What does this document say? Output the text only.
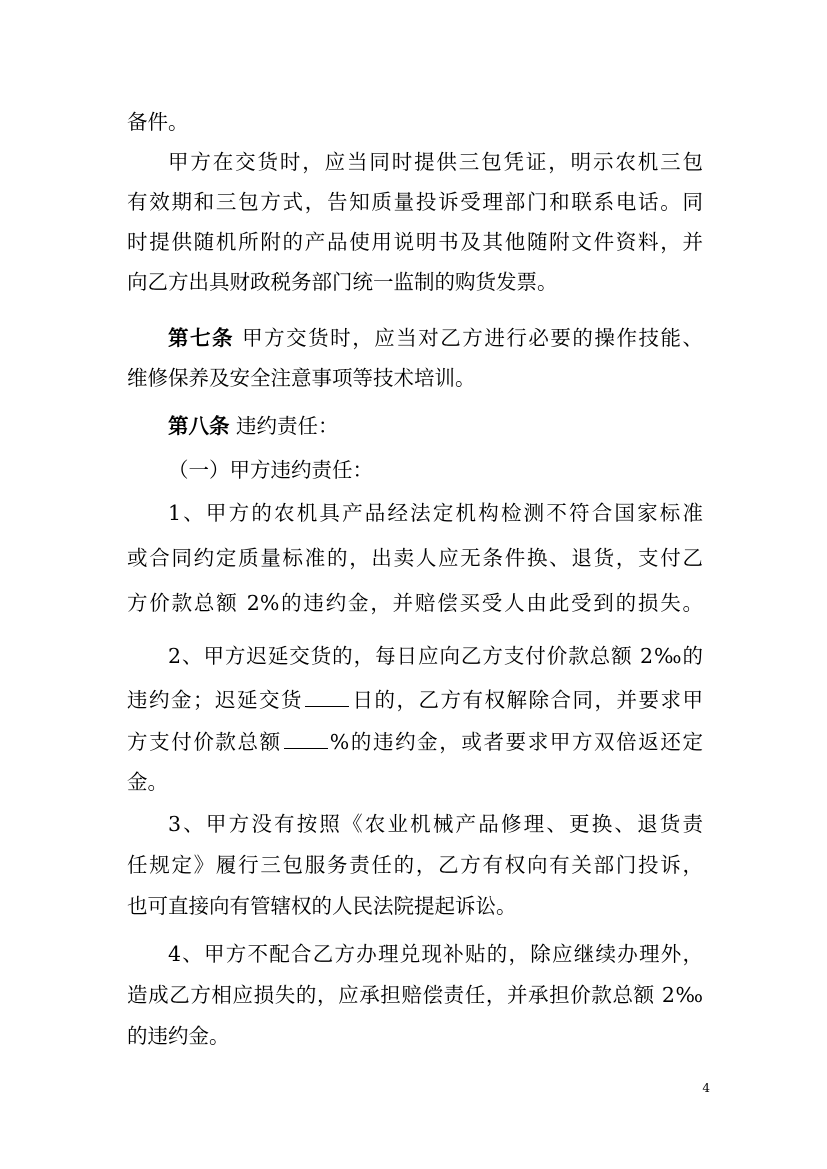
备件。
甲方在交货时，应当同时提供三包凭证，明示农机三包
有效期和三包方式，告知质量投诉受理部门和联系电话。同
时提供随机所附的产品使用说明书及其他随附文件资料，并
向乙方出具财政税务部门统一监制的购货发票。
第七条 甲方交货时，应当对乙方进行必要的操作技能、
维修保养及安全注意事项等技术培训。
第八条 违约责任：
（一）甲方违约责任：
1、甲方的农机具产品经法定机构检测不符合国家标准
或合同约定质量标准的，出卖人应无条件换、退货，支付乙
方价款总额 2%的违约金，并赔偿买受人由此受到的损失。
2、甲方迟延交货的，每日应向乙方支付价款总额 2‰的
违约金；迟延交货 日的，乙方有权解除合同，并要求甲
方支付价款总额 %的违约金，或者要求甲方双倍返还定
金。
3、甲方没有按照《农业机械产品修理、更换、退货责
任规定》履行三包服务责任的，乙方有权向有关部门投诉，
也可直接向有管辖权的人民法院提起诉讼。
4、甲方不配合乙方办理兑现补贴的，除应继续办理外，
造成乙方相应损失的，应承担赔偿责任，并承担价款总额 2‰
的违约金。
4
